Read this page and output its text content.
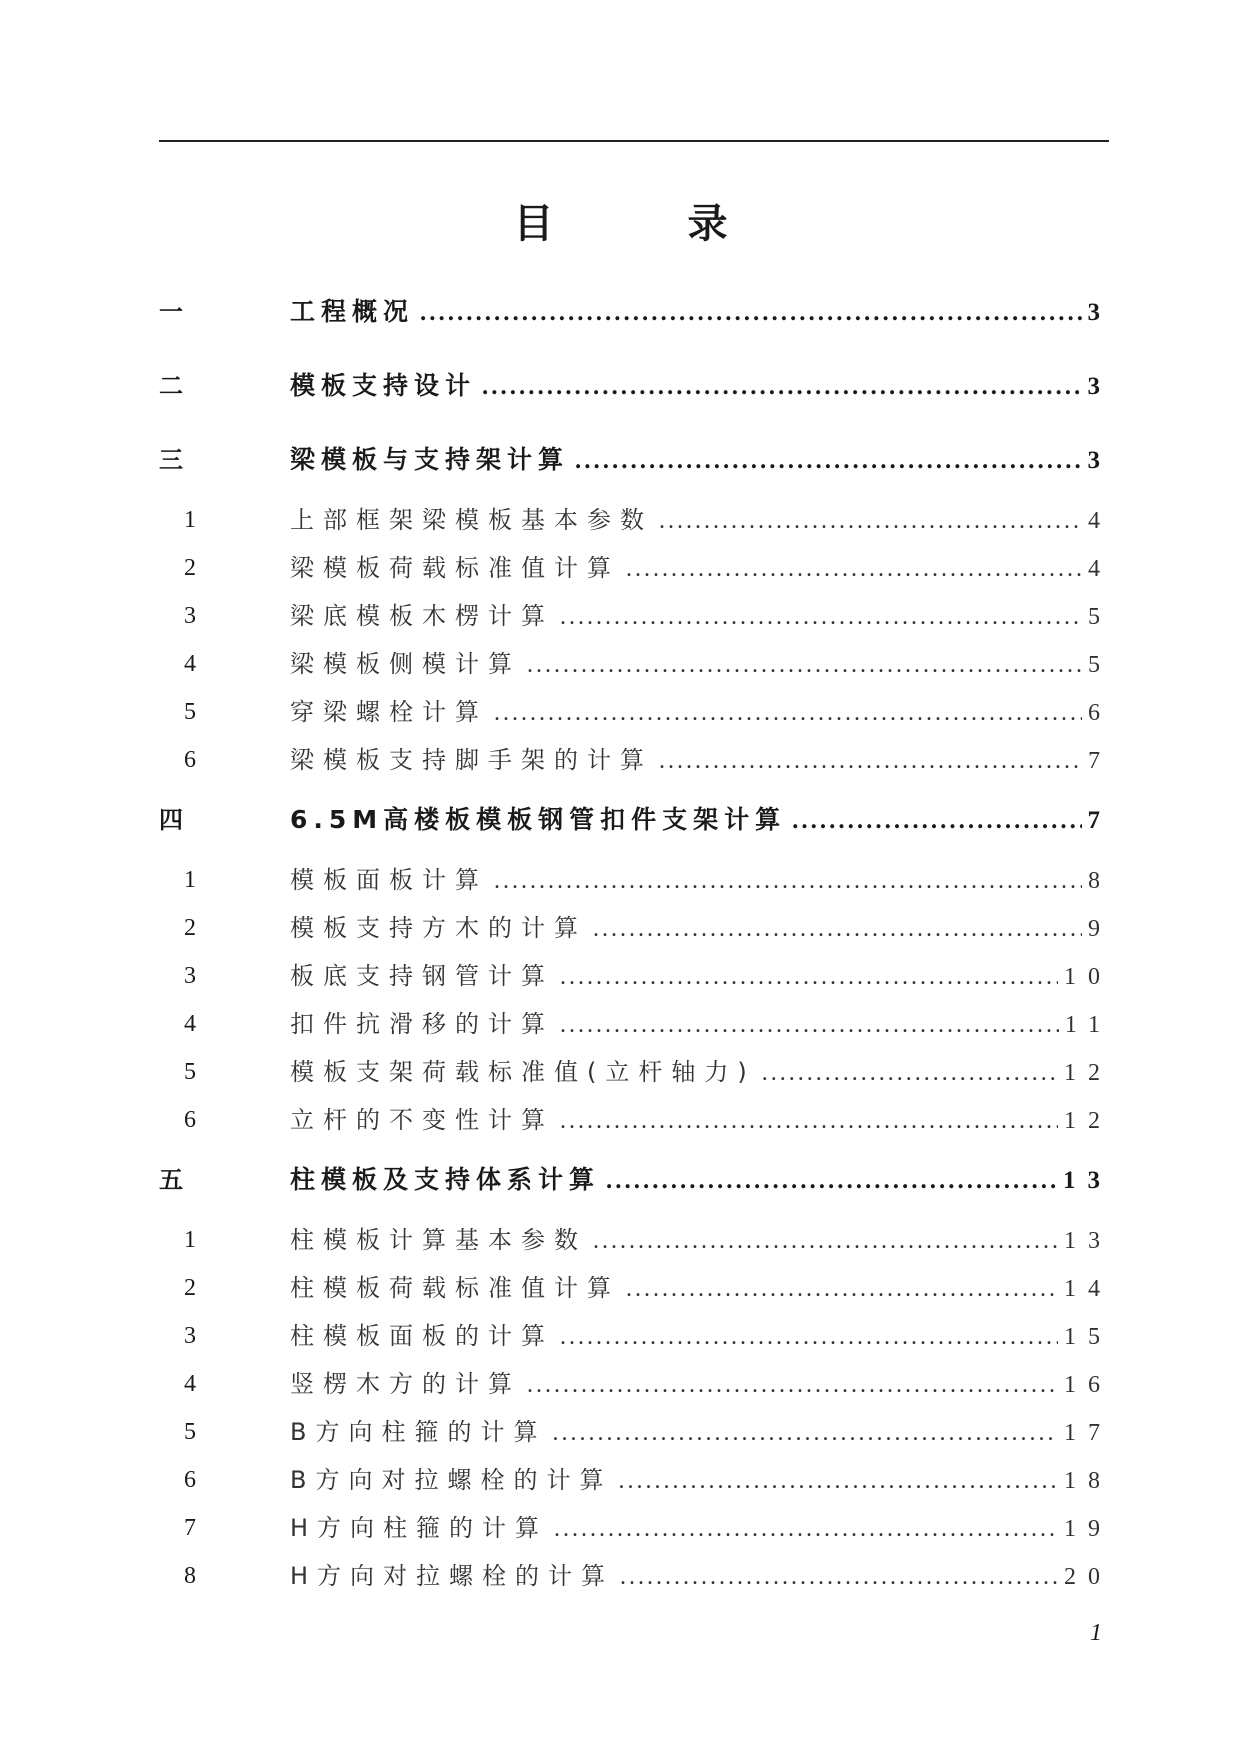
目 录
一	工程概况 .....	3
二	模板支持设计 .....	3
三	梁模板与支持架计算 .....	3
1	上部框架梁模板基本参数 .....	4
2	梁模板荷载标准值计算 .....	4
3	梁底模板木楞计算 .....	5
4	梁模板侧模计算 .....	5
5	穿梁螺栓计算 .....	6
6	梁模板支持脚手架的计算 .....	7
四	6.5M高楼板模板钢管扣件支架计算 .....	7
1	模板面板计算 .....	8
2	模板支持方木的计算 .....	9
3	板底支持钢管计算 .....	10
4	扣件抗滑移的计算 .....	11
5	模板支架荷载标准值(立杆轴力) .....	12
6	立杆的不变性计算 .....	12
五	柱模板及支持体系计算 .....	13
1	柱模板计算基本参数 .....	13
2	柱模板荷载标准值计算 .....	14
3	柱模板面板的计算 .....	15
4	竖楞木方的计算 .....	16
5	B方向柱箍的计算 .....	17
6	B方向对拉螺栓的计算 .....	18
7	H方向柱箍的计算 .....	19
8	H方向对拉螺栓的计算 .....	20
1
